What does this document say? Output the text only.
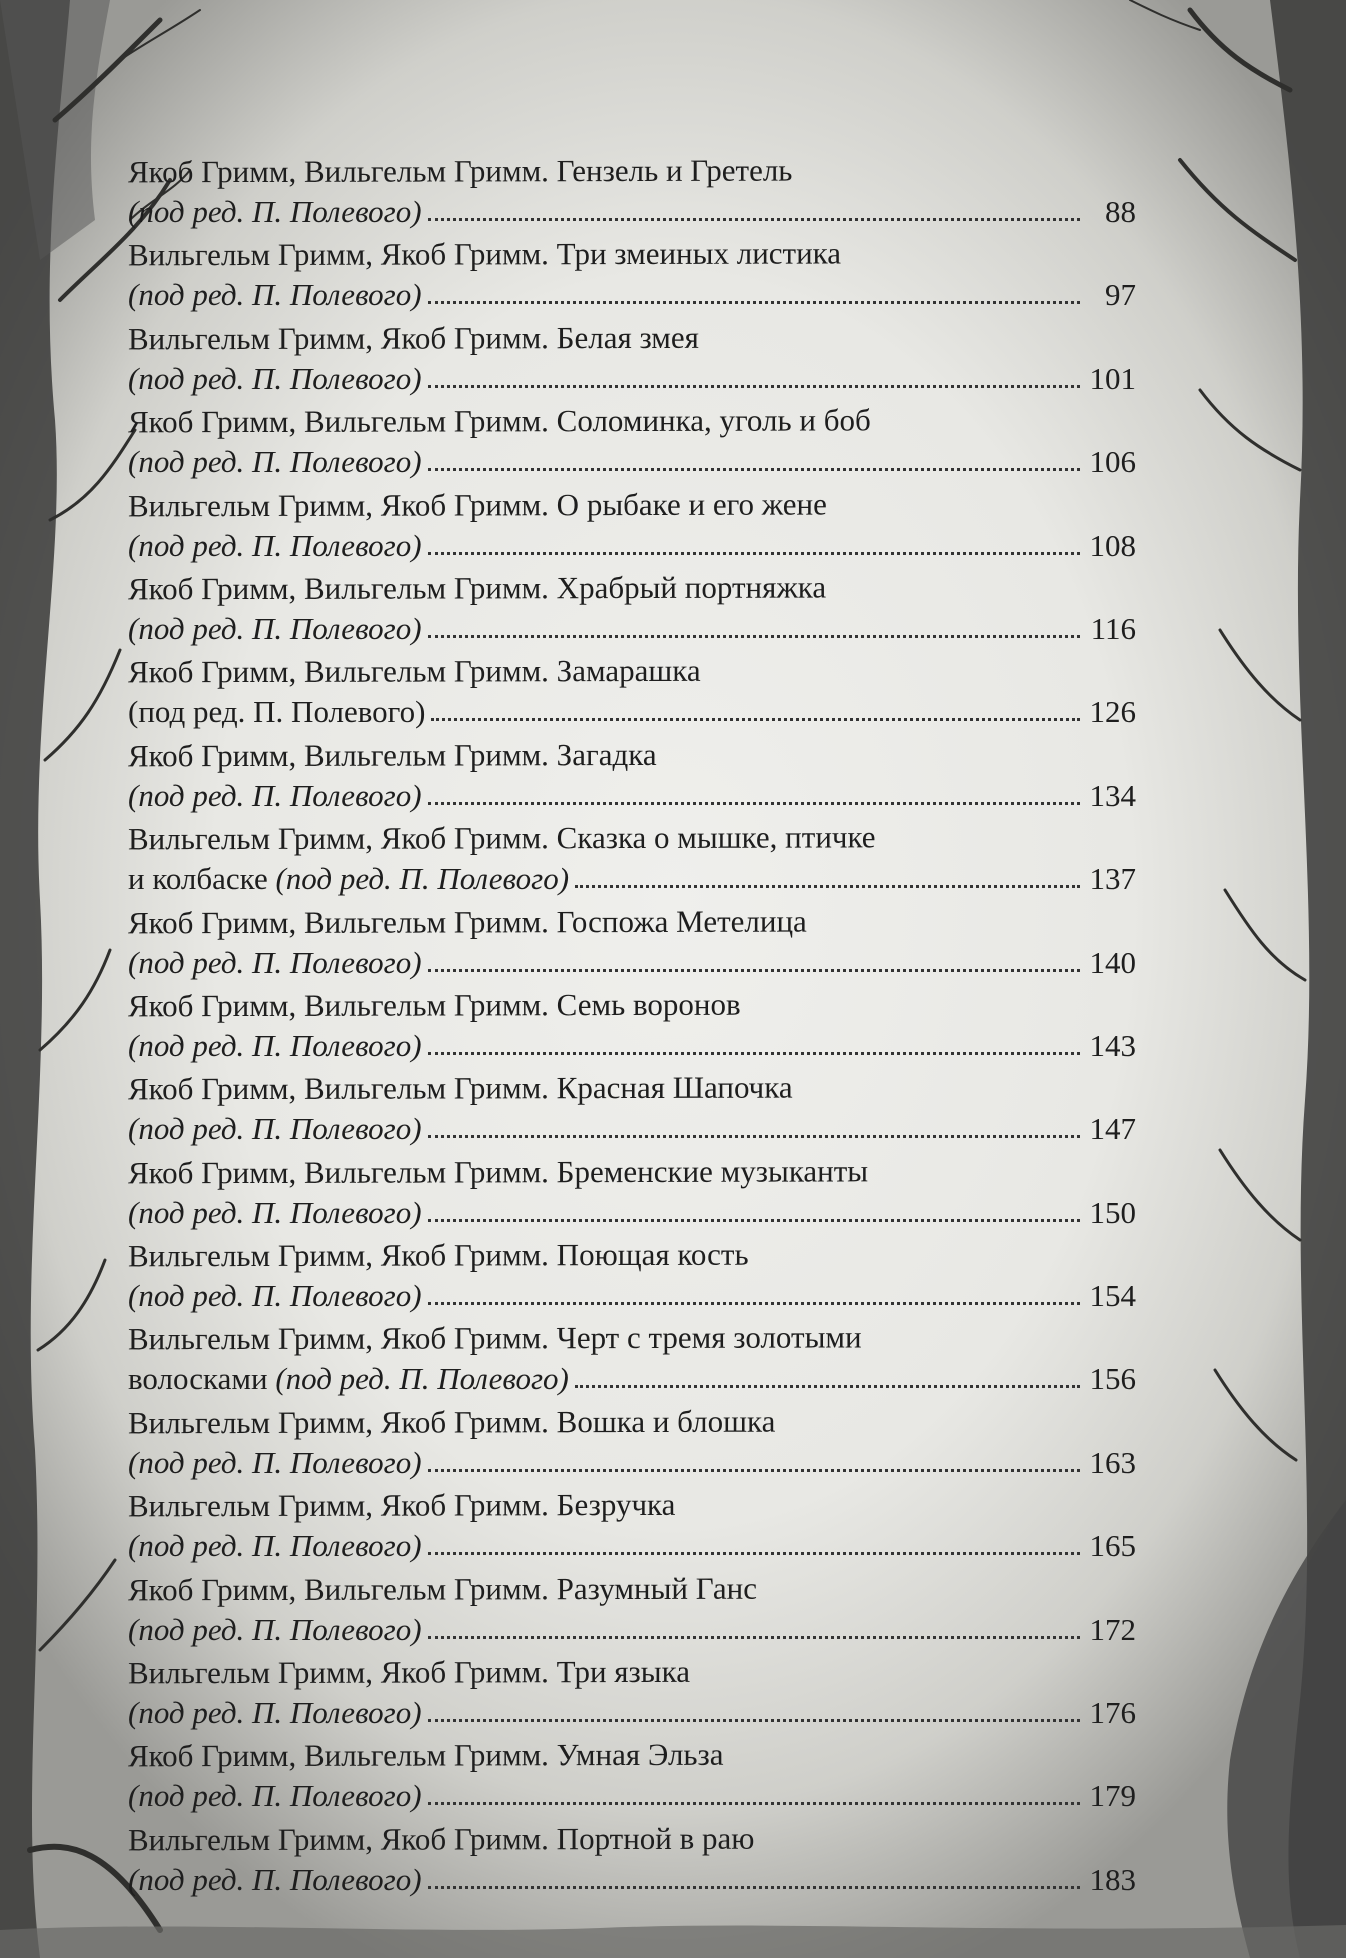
Якоб Гримм, Вильгельм Гримм. Гензель и Гретель
(под ред. П. Полевого)	88
Вильгельм Гримм, Якоб Гримм. Три змеиных листика
(под ред. П. Полевого)	97
Вильгельм Гримм, Якоб Гримм. Белая змея
(под ред. П. Полевого)	101
Якоб Гримм, Вильгельм Гримм. Соломинка, уголь и боб
(под ред. П. Полевого)	106
Вильгельм Гримм, Якоб Гримм. О рыбаке и его жене
(под ред. П. Полевого)	108
Якоб Гримм, Вильгельм Гримм. Храбрый портняжка
(под ред. П. Полевого)	116
Якоб Гримм, Вильгельм Гримм. Замарашка
(под ред. П. Полевого)	126
Якоб Гримм, Вильгельм Гримм. Загадка
(под ред. П. Полевого)	134
Вильгельм Гримм, Якоб Гримм. Сказка о мышке, птичке
и колбаске (под ред. П. Полевого)	137
Якоб Гримм, Вильгельм Гримм. Госпожа Метелица
(под ред. П. Полевого)	140
Якоб Гримм, Вильгельм Гримм. Семь воронов
(под ред. П. Полевого)	143
Якоб Гримм, Вильгельм Гримм. Красная Шапочка
(под ред. П. Полевого)	147
Якоб Гримм, Вильгельм Гримм. Бременские музыканты
(под ред. П. Полевого)	150
Вильгельм Гримм, Якоб Гримм. Поющая кость
(под ред. П. Полевого)	154
Вильгельм Гримм, Якоб Гримм. Черт с тремя золотыми
волосками (под ред. П. Полевого)	156
Вильгельм Гримм, Якоб Гримм. Вошка и блошка
(под ред. П. Полевого)	163
Вильгельм Гримм, Якоб Гримм. Безручка
(под ред. П. Полевого)	165
Якоб Гримм, Вильгельм Гримм. Разумный Ганс
(под ред. П. Полевого)	172
Вильгельм Гримм, Якоб Гримм. Три языка
(под ред. П. Полевого)	176
Якоб Гримм, Вильгельм Гримм. Умная Эльза
(под ред. П. Полевого)	179
Вильгельм Гримм, Якоб Гримм. Портной в раю
(под ред. П. Полевого)	183
